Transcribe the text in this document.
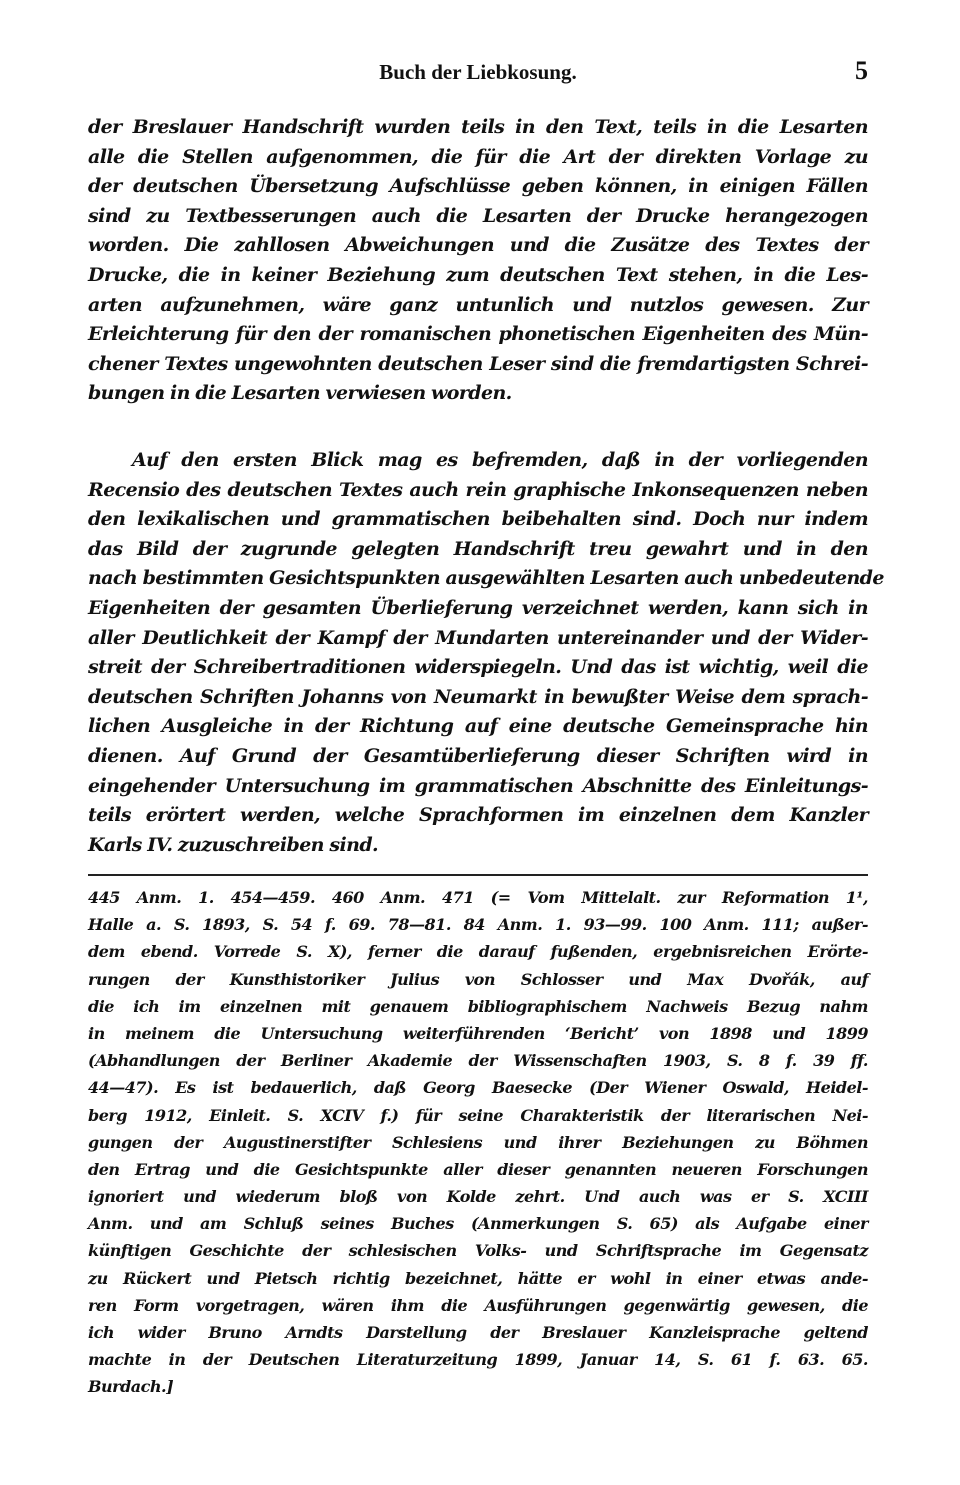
Buch der Liebkosung.	5
der Breslauer Handschrift wurden teils in den Text, teils in die Lesarten
alle die Stellen aufgenommen, die für die Art der direkten Vorlage zu
der deutschen Übersetzung Aufschlüsse geben können, in einigen Fällen
sind zu Textbesserungen auch die Lesarten der Drucke herangezogen
worden. Die zahllosen Abweichungen und die Zusätze des Textes der
Drucke, die in keiner Beziehung zum deutschen Text stehen, in die Les-
arten aufzunehmen, wäre ganz untunlich und nutzlos gewesen. Zur
Erleichterung für den der romanischen phonetischen Eigenheiten des Mün-
chener Textes ungewohnten deutschen Leser sind die fremdartigsten Schrei-
bungen in die Lesarten verwiesen worden.
Auf den ersten Blick mag es befremden, daß in der vorliegenden
Recensio des deutschen Textes auch rein graphische Inkonsequenzen neben
den lexikalischen und grammatischen beibehalten sind. Doch nur indem
das Bild der zugrunde gelegten Handschrift treu gewahrt und in den
nach bestimmten Gesichtspunkten ausgewählten Lesarten auch unbedeutende
Eigenheiten der gesamten Überlieferung verzeichnet werden, kann sich in
aller Deutlichkeit der Kampf der Mundarten untereinander und der Wider-
streit der Schreibertraditionen widerspiegeln. Und das ist wichtig, weil die
deutschen Schriften Johanns von Neumarkt in bewußter Weise dem sprach-
lichen Ausgleiche in der Richtung auf eine deutsche Gemeinsprache hin
dienen. Auf Grund der Gesamtüberlieferung dieser Schriften wird in
eingehender Untersuchung im grammatischen Abschnitte des Einleitungs-
teils erörtert werden, welche Sprachformen im einzelnen dem Kanzler
Karls IV. zuzuschreiben sind.
445 Anm. 1. 454—459. 460 Anm. 471 (= Vom Mittelalt. zur Reformation 1¹,
Halle a. S. 1893, S. 54 f. 69. 78—81. 84 Anm. 1. 93—99. 100 Anm. 111; außer-
dem ebend. Vorrede S. X), ferner die darauf fußenden, ergebnisreichen Erörte-
rungen der Kunsthistoriker Julius von Schlosser und Max Dvořák, auf
die ich im einzelnen mit genauem bibliographischem Nachweis Bezug nahm
in meinem die Untersuchung weiterführenden ‘Bericht’ von 1898 und 1899
(Abhandlungen der Berliner Akademie der Wissenschaften 1903, S. 8 f. 39 ff.
44—47). Es ist bedauerlich, daß Georg Baesecke (Der Wiener Oswald, Heidel-
berg 1912, Einleit. S. XCIV f.) für seine Charakteristik der literarischen Nei-
gungen der Augustinerstifter Schlesiens und ihrer Beziehungen zu Böhmen
den Ertrag und die Gesichtspunkte aller dieser genannten neueren Forschungen
ignoriert und wiederum bloß von Kolde zehrt. Und auch was er S. XCIII
Anm. und am Schluß seines Buches (Anmerkungen S. 65) als Aufgabe einer
künftigen Geschichte der schlesischen Volks- und Schriftsprache im Gegensatz
zu Rückert und Pietsch richtig bezeichnet, hätte er wohl in einer etwas ande-
ren Form vorgetragen, wären ihm die Ausführungen gegenwärtig gewesen, die
ich wider Bruno Arndts Darstellung der Breslauer Kanzleisprache geltend
machte in der Deutschen Literaturzeitung 1899, Januar 14, S. 61 f. 63. 65.
Burdach.]
